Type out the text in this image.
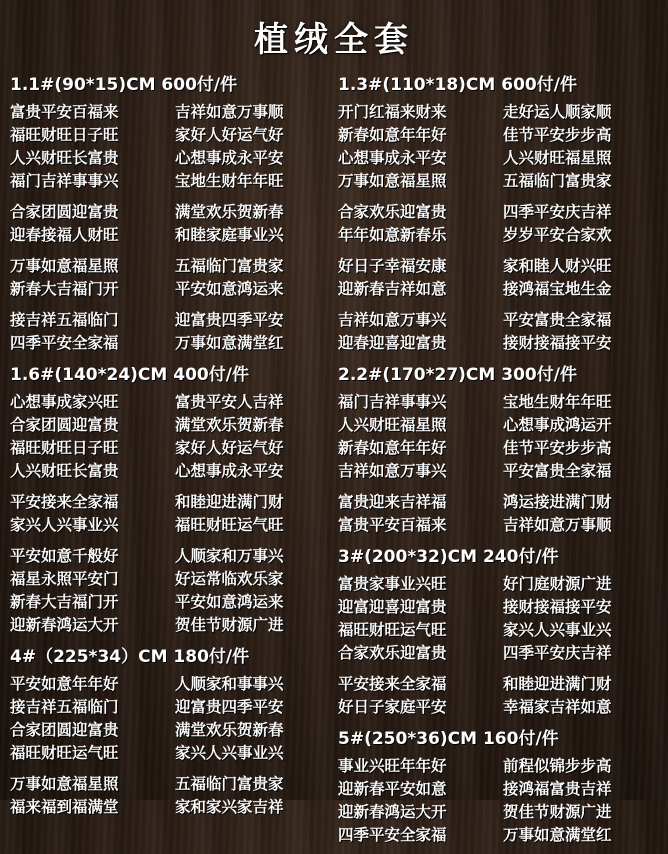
植绒全套
1.1#(90*15)CM 600付/件
富贵平安百福来	吉祥如意万事顺
福旺财旺日子旺	家好人好运气好
人兴财旺长富贵	心想事成永平安
福门吉祥事事兴	宝地生财年年旺
合家团圆迎富贵	满堂欢乐贺新春
迎春接福人财旺	和睦家庭事业兴
万事如意福星照	五福临门富贵家
新春大吉福门开	平安如意鸿运来
接吉祥五福临门	迎富贵四季平安
四季平安全家福	万事如意满堂红
1.6#(140*24)CM 400付/件
心想事成家兴旺	富贵平安人吉祥
合家团圆迎富贵	满堂欢乐贺新春
福旺财旺日子旺	家好人好运气好
人兴财旺长富贵	心想事成永平安
平安接来全家福	和睦迎进满门财
家兴人兴事业兴	福旺财旺运气旺
平安如意千般好	人顺家和万事兴
福星永照平安门	好运常临欢乐家
新春大吉福门开	平安如意鸿运来
迎新春鸿运大开	贺佳节财源广进
4#（225*34）CM 180付/件
平安如意年年好	人顺家和事事兴
接吉祥五福临门	迎富贵四季平安
合家团圆迎富贵	满堂欢乐贺新春
福旺财旺运气旺	家兴人兴事业兴
万事如意福星照	五福临门富贵家
福来福到福满堂	家和家兴家吉祥
1.3#(110*18)CM 600付/件
开门红福来财来	走好运人顺家顺
新春如意年年好	佳节平安步步高
心想事成永平安	人兴财旺福星照
万事如意福星照	五福临门富贵家
合家欢乐迎富贵	四季平安庆吉祥
年年如意新春乐	岁岁平安合家欢
好日子幸福安康	家和睦人财兴旺
迎新春吉祥如意	接鸿福宝地生金
吉祥如意万事兴	平安富贵全家福
迎春迎喜迎富贵	接财接福接平安
2.2#(170*27)CM 300付/件
福门吉祥事事兴	宝地生财年年旺
人兴财旺福星照	心想事成鸿运开
新春如意年年好	佳节平安步步高
吉祥如意万事兴	平安富贵全家福
富贵迎来吉祥福	鸿运接进满门财
富贵平安百福来	吉祥如意万事顺
3#(200*32)CM 240付/件
富贵家事业兴旺	好门庭财源广进
迎富迎喜迎富贵	接财接福接平安
福旺财旺运气旺	家兴人兴事业兴
合家欢乐迎富贵	四季平安庆吉祥
平安接来全家福	和睦迎进满门财
好日子家庭平安	幸福家吉祥如意
5#(250*36)CM 160付/件
事业兴旺年年好	前程似锦步步高
迎新春平安如意	接鸿福富贵吉祥
迎新春鸿运大开	贺佳节财源广进
四季平安全家福	万事如意满堂红
